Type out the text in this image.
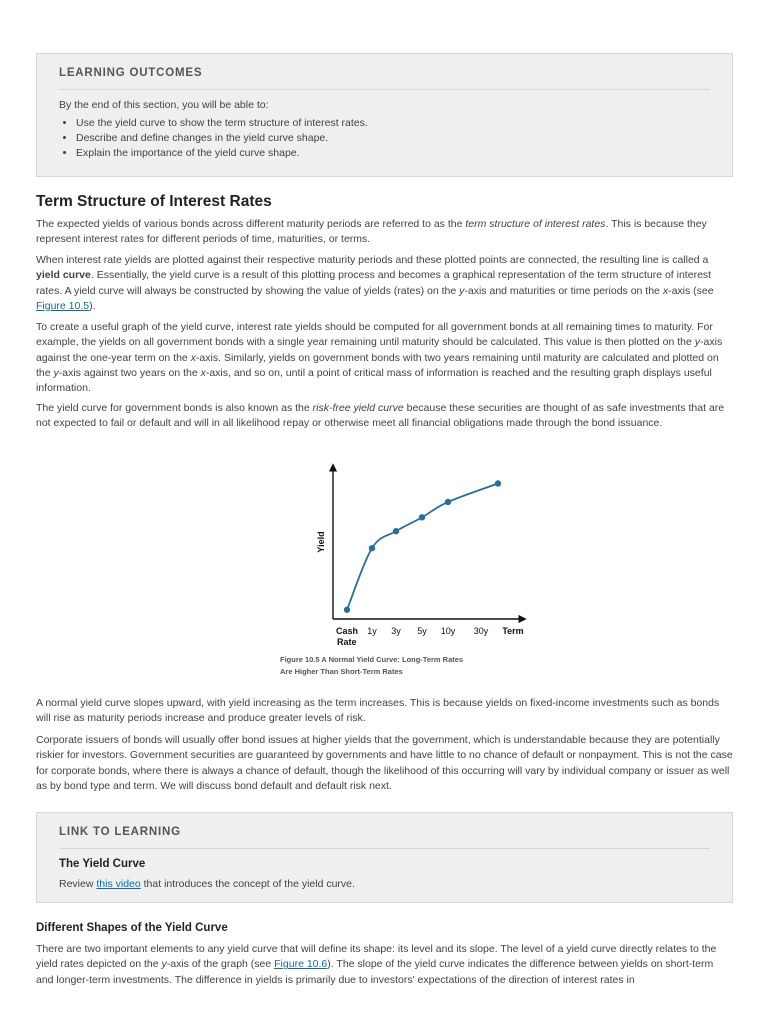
LEARNING OUTCOMES

By the end of this section, you will be able to:

• Use the yield curve to show the term structure of interest rates.
• Describe and define changes in the yield curve shape.
• Explain the importance of the yield curve shape.
Term Structure of Interest Rates

The expected yields of various bonds across different maturity periods are referred to as the term structure of interest rates. This is because they represent interest rates for different periods of time, maturities, or terms.

When interest rate yields are plotted against their respective maturity periods and these plotted points are connected, the resulting line is called a yield curve. Essentially, the yield curve is a result of this plotting process and becomes a graphical representation of the term structure of interest rates. A yield curve will always be constructed by showing the value of yields (rates) on the y-axis and maturities or time periods on the x-axis (see Figure 10.5).

To create a useful graph of the yield curve, interest rate yields should be computed for all government bonds at all remaining times to maturity. For example, the yields on all government bonds with a single year remaining until maturity should be calculated. This value is then plotted on the y-axis against the one-year term on the x-axis. Similarly, yields on government bonds with two years remaining until maturity are calculated and plotted on the y-axis against two years on the x-axis, and so on, until a point of critical mass of information is reached and the resulting graph displays useful information.

The yield curve for government bonds is also known as the risk-free yield curve because these securities are thought of as safe investments that are not expected to fail or default and will in all likelihood repay or otherwise meet all financial obligations made through the bond issuance.

Yield
Cash
Rate
1y 3y 5y 10y 30y Term

Figure 10.5 A Normal Yield Curve: Long-Term Rates
Are Higher Than Short-Term Rates

A normal yield curve slopes upward, with yield increasing as the term increases. This is because yields on fixed-income investments such as bonds will rise as maturity periods increase and produce greater levels of risk.

Corporate issuers of bonds will usually offer bond issues at higher yields that the government, which is understandable because they are potentially riskier for investors. Government securities are guaranteed by governments and have little to no chance of default or nonpayment. This is not the case for corporate bonds, where there is always a chance of default, though the likelihood of this occurring will vary by individual company or issuer as well as by bond type and term. We will discuss bond default and default risk next.

LINK TO LEARNING

The Yield Curve

Review this video that introduces the concept of the yield curve.

Different Shapes of the Yield Curve

There are two important elements to any yield curve that will define its shape: its level and its slope. The level of a yield curve directly relates to the yield rates depicted on the y-axis of the graph (see Figure 10.6). The slope of the yield curve indicates the difference between yields on short-term and longer-term investments. The difference in yields is primarily due to investors' expectations of the direction of interest rates in
